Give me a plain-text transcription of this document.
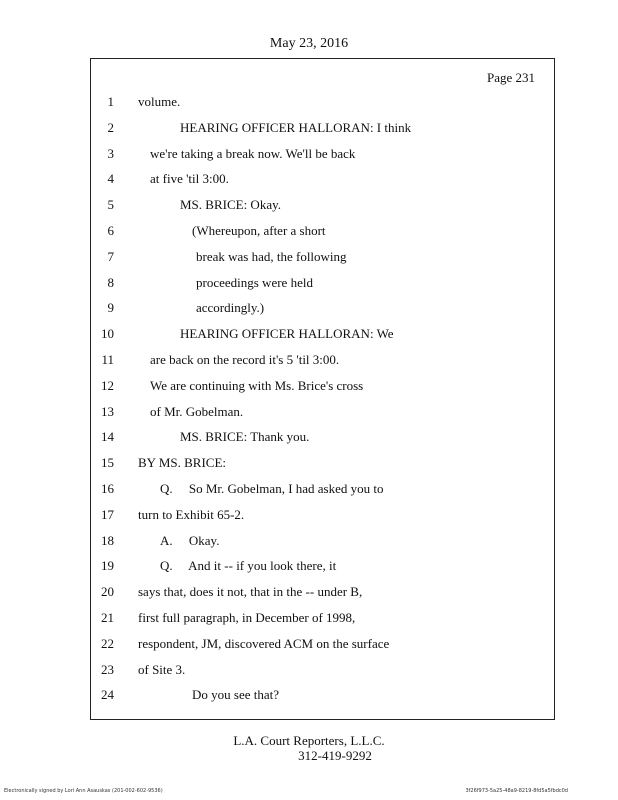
May 23, 2016
Page 231
1 volume.
2	HEARING OFFICER HALLORAN: I think
3	we're taking a break now. We'll be back
4	at five 'til 3:00.
5	MS. BRICE: Okay.
6	(Whereupon, after a short
7	break was had, the following
8	proceedings were held
9	accordingly.)
10	HEARING OFFICER HALLORAN: We
11	are back on the record it's 5 'til 3:00.
12	We are continuing with Ms. Brice's cross
13	of Mr. Gobelman.
14	MS. BRICE: Thank you.
15 BY MS. BRICE:
16	Q.     So Mr. Gobelman, I had asked you to
17 turn to Exhibit 65-2.
18	A.     Okay.
19	Q.     And it -- if you look there, it
20 says that, does it not, that in the -- under B,
21 first full paragraph, in December of 1998,
22 respondent, JM, discovered ACM on the surface
23 of Site 3.
24	Do you see that?
L.A. Court Reporters, L.L.C.
312-419-9292
Electronically signed by Lori Ann Asauskas (201-002-602-9536)	3f26f973-5a25-48a9-8219-8fd5a5fbdc0d
